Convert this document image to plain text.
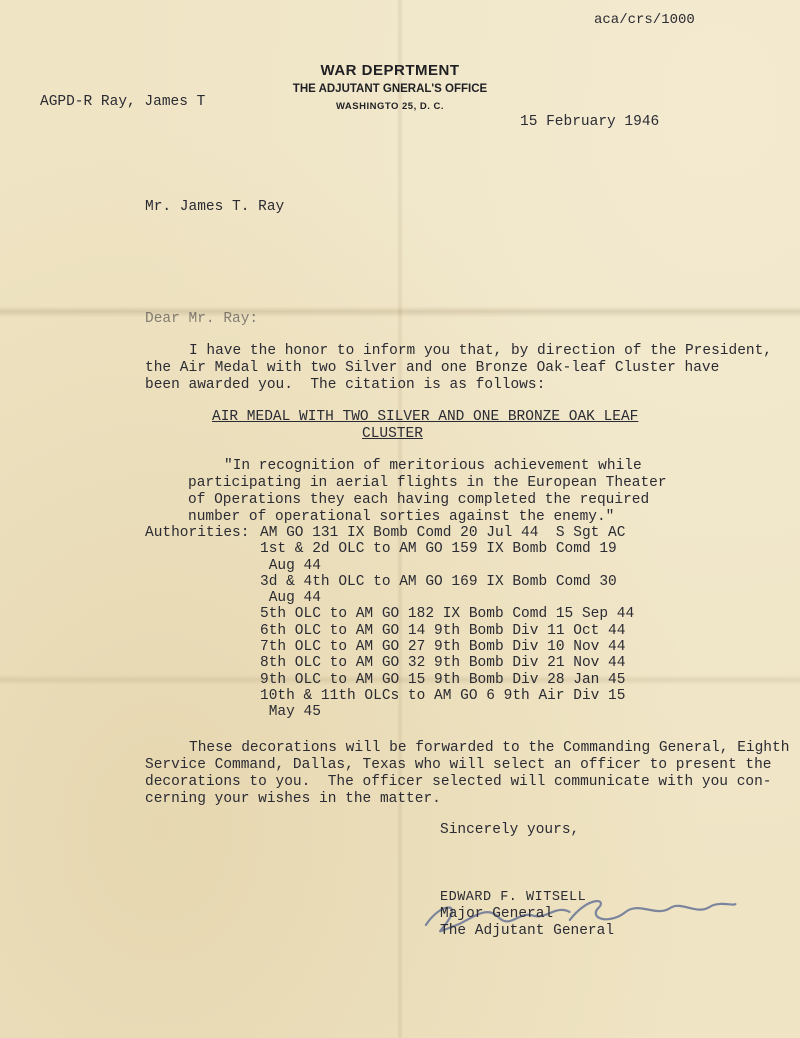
aca/crs/1000
WAR DEPRTMENT
THE ADJUTANT GNERAL'S OFFICE
WASHINGTO 25, D. C.
AGPD-R Ray, James T
15 February 1946
Mr. James T. Ray
Dear Mr. Ray:
I have the honor to inform you that, by direction of the President,
the Air Medal with two Silver and one Bronze Oak-leaf Cluster have
been awarded you.  The citation is as follows:
AIR MEDAL WITH TWO SILVER AND ONE BRONZE OAK LEAF
CLUSTER
"In recognition of meritorious achievement while
participating in aerial flights in the European Theater
of Operations they each having completed the required
number of operational sorties against the enemy."
Authorities: AM GO 131 IX Bomb Comd 20 Jul 44  S Sgt AC
1st & 2d OLC to AM GO 159 IX Bomb Comd 19
Aug 44
3d & 4th OLC to AM GO 169 IX Bomb Comd 30
Aug 44
5th OLC to AM GO 182 IX Bomb Comd 15 Sep 44
6th OLC to AM GO 14 9th Bomb Div 11 Oct 44
7th OLC to AM GO 27 9th Bomb Div 10 Nov 44
8th OLC to AM GO 32 9th Bomb Div 21 Nov 44
9th OLC to AM GO 15 9th Bomb Div 28 Jan 45
10th & 11th OLCs to AM GO 6 9th Air Div 15
May 45
These decorations will be forwarded to the Commanding General, Eighth
Service Command, Dallas, Texas who will select an officer to present the
decorations to you.  The officer selected will communicate with you con-
cerning your wishes in the matter.
Sincerely yours,

EDWARD F. WITSELL
Major General
The Adjutant General
